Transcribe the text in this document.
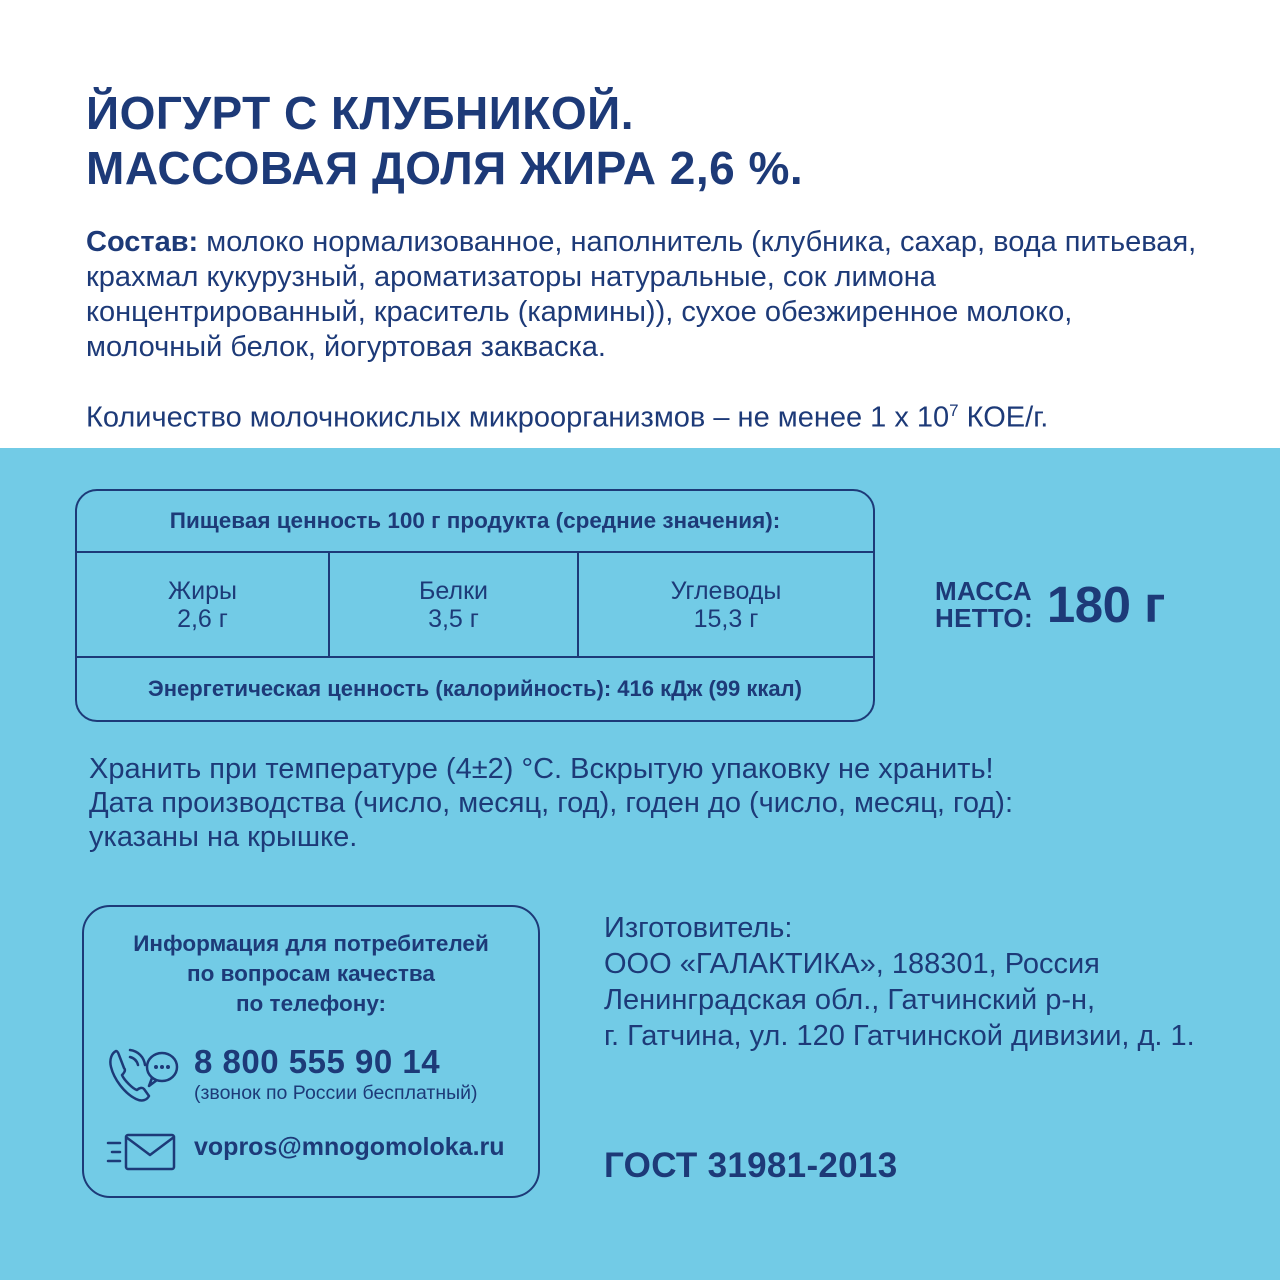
ЙОГУРТ С КЛУБНИКОЙ.
МАССОВАЯ ДОЛЯ ЖИРА 2,6 %.
Состав: молоко нормализованное, наполнитель (клубника, сахар, вода питьевая, крахмал кукурузный, ароматизаторы натуральные, сок лимона концентрированный, краситель (кармины)), сухое обезжиренное молоко, молочный белок, йогуртовая закваска.
Количество молочнокислых микроорганизмов – не менее 1 х $10^7$ КОЕ/г.
Пищевая ценность 100 г продукта (средние значения):
Жиры
2,6 г
Белки
3,5 г
Углеводы
15,3 г
Энергетическая ценность (калорийность): 416 кДж (99 ккал)
МАССА
НЕТТО: 180 г
Хранить при температуре (4±2) °С. Вскрытую упаковку не хранить!
Дата производства (число, месяц, год), годен до (число, месяц, год):
указаны на крышке.
Информация для потребителей
по вопросам качества
по телефону:
8 800 555 90 14
(звонок по России бесплатный)
vopros@mnogomoloka.ru
Изготовитель:
ООО «ГАЛАКТИКА», 188301, Россия
Ленинградская обл., Гатчинский р-н,
г. Гатчина, ул. 120 Гатчинской дивизии, д. 1.
ГОСТ 31981-2013
